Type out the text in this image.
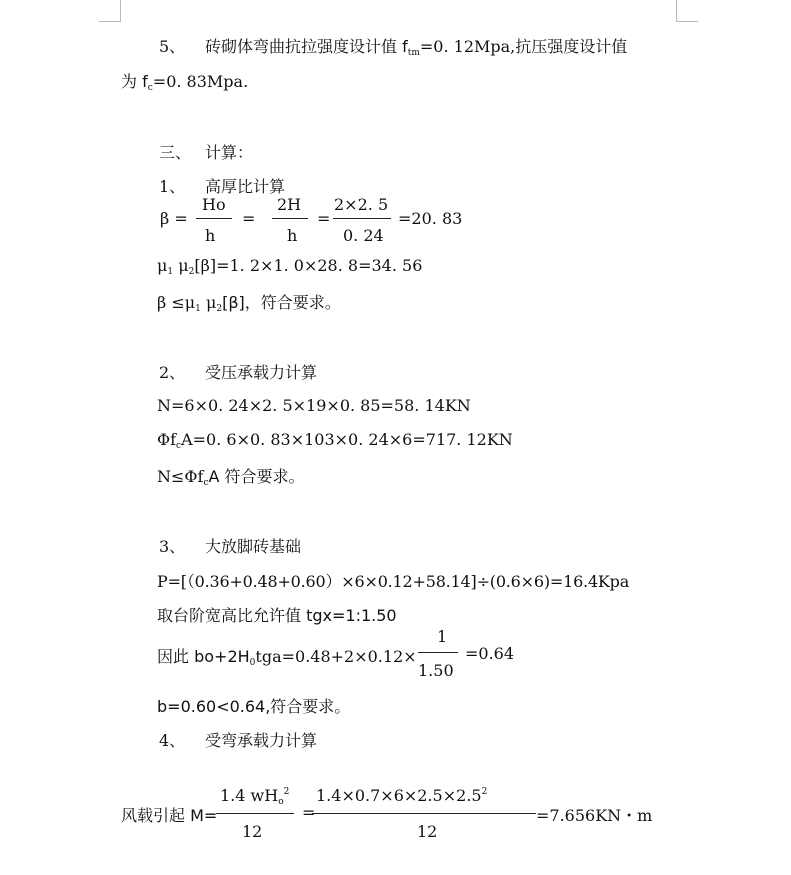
5、 砖砌体弯曲抗拉强度设计值 $f_{tm}=0$. 12Mpa,抗压强度设计值
为 $f_c=0$. 83Mpa.
三、 计算：
1、 高厚比计算
β =
Ho
h
=
2H
h
=
2×2. 5
0. 24
=20. 83
$\mu_1$ $\mu_2[\beta]=1$. 2×1. 0×28. 8=34. 56
$\beta \le\mu_1$ $\mu_2[\beta]$，符合要求。
2、 受压承载力计算
N=6×0. 24×2. 5×19×0. 85=58. 14KN
$\Phi f_cA=0$. 6×0. 83×103×0. 24×6=717. 12KN
$N\le\Phi f_cA$ 符合要求。
3、 大放脚砖基础
P=[（0.36+0.48+0.60）×6×0.12+58.14]÷(0.6×6)=16.4Kpa
取台阶宽高比允许值 tgx=1:1.50
因此 $bo+2H_0tga=0.48+2\times 0.12\times$
1
1.50
=0.64
b=0.60<0.64,符合要求。
4、 受弯承载力计算
风载引起 M=
1.4 $wH_o^2$
12
=
$1.4\times 0.7\times 6\times 2.5\times 2.5^2$
12
=7.656KN・m
